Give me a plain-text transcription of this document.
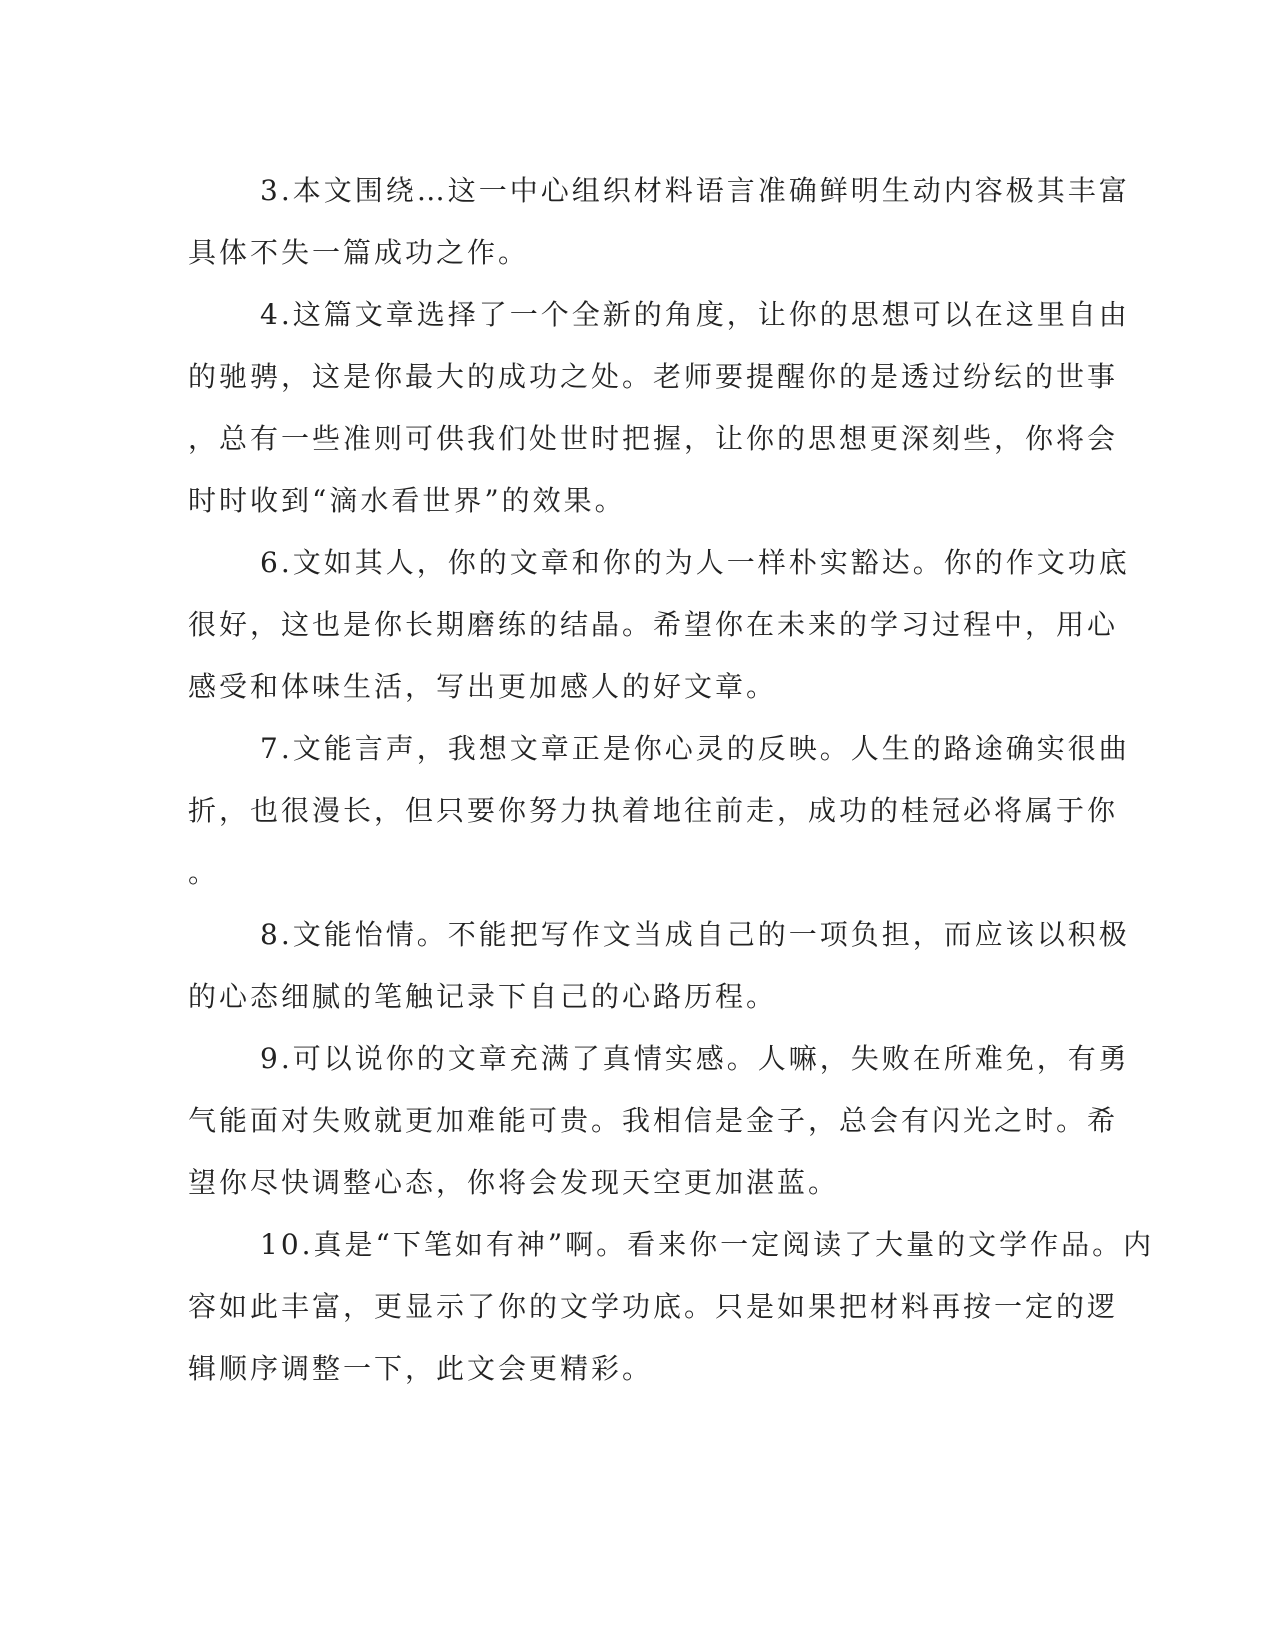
3.本文围绕…这一中心组织材料语言准确鲜明生动内容极其丰富
具体不失一篇成功之作。
4.这篇文章选择了一个全新的角度，让你的思想可以在这里自由
的驰骋，这是你最大的成功之处。老师要提醒你的是透过纷纭的世事
，总有一些准则可供我们处世时把握，让你的思想更深刻些，你将会
时时收到“滴水看世界”的效果。
6.文如其人，你的文章和你的为人一样朴实豁达。你的作文功底
很好，这也是你长期磨练的结晶。希望你在未来的学习过程中，用心
感受和体味生活，写出更加感人的好文章。
7.文能言声，我想文章正是你心灵的反映。人生的路途确实很曲
折，也很漫长，但只要你努力执着地往前走，成功的桂冠必将属于你
。
8.文能怡情。不能把写作文当成自己的一项负担，而应该以积极
的心态细腻的笔触记录下自己的心路历程。
9.可以说你的文章充满了真情实感。人嘛，失败在所难免，有勇
气能面对失败就更加难能可贵。我相信是金子，总会有闪光之时。希
望你尽快调整心态，你将会发现天空更加湛蓝。
10.真是“下笔如有神”啊。看来你一定阅读了大量的文学作品。内
容如此丰富，更显示了你的文学功底。只是如果把材料再按一定的逻
辑顺序调整一下，此文会更精彩。
